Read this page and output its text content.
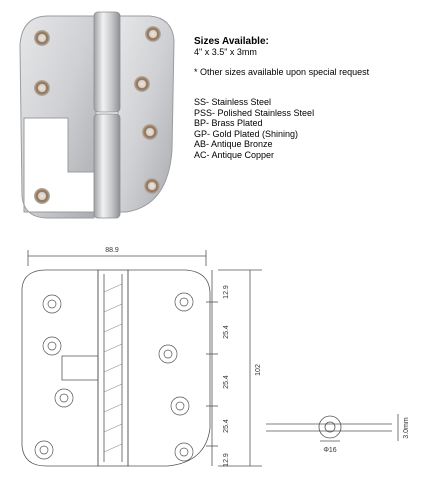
Sizes Available:
4" x 3.5" x 3mm
* Other sizes available upon special request
SS- Stainless Steel
PSS- Polished Stainless Steel
BP- Brass Plated
GP- Gold Plated (Shining)
AB- Antique Bronze
AC- Antique Copper
88.9
12.9
25.4
25.4
25.4
12.9
102
3.0mm
Φ16
